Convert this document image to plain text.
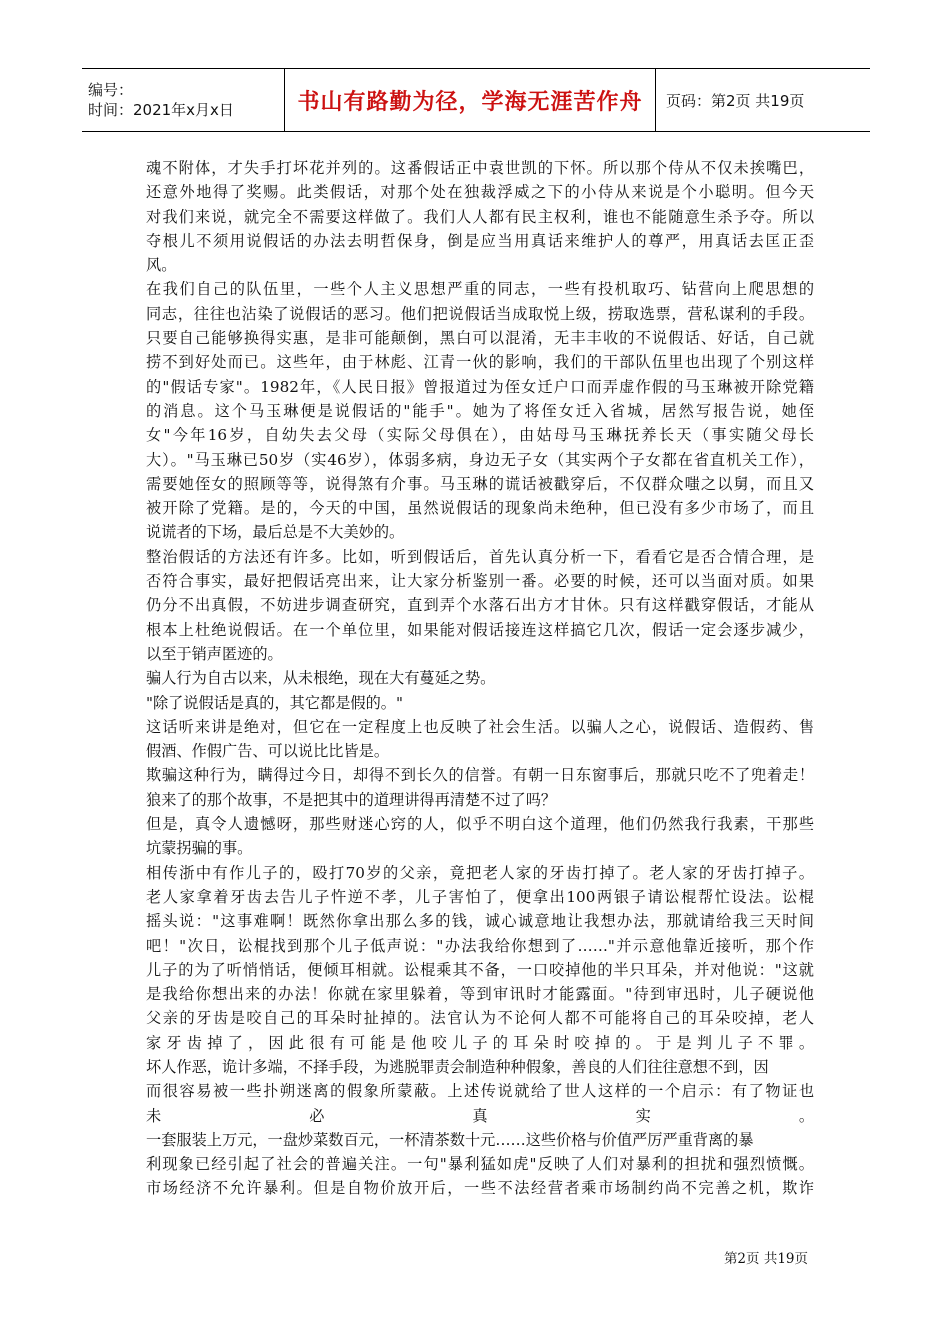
编号：
时间：2021年x月x日	书山有路勤为径，学海无涯苦作舟 页码：第2页 共19页
魂不附体，才失手打坏花并列的。这番假话正中袁世凯的下怀。所以那个侍从不仅未挨嘴巴，
还意外地得了奖赐。此类假话，对那个处在独裁浮威之下的小侍从来说是个小聪明。但今天
对我们来说，就完全不需要这样做了。我们人人都有民主权利，谁也不能随意生杀予夺。所以
夺根儿不须用说假话的办法去明哲保身，倒是应当用真话来维护人的尊严，用真话去匡正歪
风。
在我们自己的队伍里，一些个人主义思想严重的同志，一些有投机取巧、钻营向上爬思想的
同志，往往也沾染了说假话的恶习。他们把说假话当成取悦上级，捞取选票，营私谋利的手段。
只要自己能够换得实惠，是非可能颠倒，黑白可以混淆，无丰丰收的不说假话、好话，自己就
捞不到好处而已。这些年，由于林彪、江青一伙的影响，我们的干部队伍里也出现了个别这样
的"假话专家"。1982年，《人民日报》曾报道过为侄女迁户口而弄虚作假的马玉琳被开除党籍
的消息。这个马玉琳便是说假话的"能手"。她为了将侄女迁入省城，居然写报告说，她侄
女"今年16岁，自幼失去父母（实际父母俱在），由姑母马玉琳抚养长天（事实随父母长
大）。"马玉琳已50岁（实46岁），体弱多病，身边无子女（其实两个子女都在省直机关工作），
需要她侄女的照顾等等，说得煞有介事。马玉琳的谎话被戳穿后，不仅群众嗤之以舅，而且又
被开除了党籍。是的，今天的中国，虽然说假话的现象尚未绝种，但已没有多少市场了，而且
说谎者的下场，最后总是不大美妙的。
整治假话的方法还有许多。比如，听到假话后，首先认真分析一下，看看它是否合情合理，是
否符合事实，最好把假话亮出来，让大家分析鉴别一番。必要的时候，还可以当面对质。如果
仍分不出真假，不妨进步调查研究，直到弄个水落石出方才甘休。只有这样戳穿假话，才能从
根本上杜绝说假话。在一个单位里，如果能对假话接连这样搞它几次，假话一定会逐步减少，
以至于销声匿迹的。
骗人行为自古以来，从未根绝，现在大有蔓延之势。
"除了说假话是真的，其它都是假的。"
这话听来讲是绝对，但它在一定程度上也反映了社会生活。以骗人之心，说假话、造假药、售
假酒、作假广告、可以说比比皆是。
欺骗这种行为，瞒得过今日，却得不到长久的信誉。有朝一日东窗事后，那就只吃不了兜着走！
狼来了的那个故事，不是把其中的道理讲得再清楚不过了吗？
但是，真令人遗憾呀，那些财迷心窍的人，似乎不明白这个道理，他们仍然我行我素，干那些
坑蒙拐骗的事。
相传浙中有作儿子的，殴打70岁的父亲，竟把老人家的牙齿打掉了。老人家的牙齿打掉子。
老人家拿着牙齿去告儿子忤逆不孝，儿子害怕了，便拿出100两银子请讼棍帮忙设法。讼棍
摇头说："这事难啊！既然你拿出那么多的钱，诚心诚意地让我想办法，那就请给我三天时间
吧！"次日，讼棍找到那个儿子低声说："办法我给你想到了……"并示意他靠近接听，那个作
儿子的为了听悄悄话，便倾耳相就。讼棍乘其不备，一口咬掉他的半只耳朵，并对他说："这就
是我给你想出来的办法！你就在家里躲着，等到审讯时才能露面。"待到审迅时，儿子硬说他
父亲的牙齿是咬自己的耳朵时扯掉的。法官认为不论何人都不可能将自己的耳朵咬掉，老人
家牙齿掉了，因此很有可能是他咬儿子的耳朵时咬掉的。于是判儿子不罪。
坏人作恶，诡计多端，不择手段，为逃脱罪责会制造种种假象，善良的人们往往意想不到，因
而很容易被一些扑朔迷离的假象所蒙蔽。上述传说就给了世人这样的一个启示：有了物证也
未必真实。
一套服装上万元，一盘炒菜数百元，一杯清茶数十元……这些价格与价值严厉严重背离的暴
利现象已经引起了社会的普遍关注。一句"暴利猛如虎"反映了人们对暴利的担扰和强烈愤慨。
市场经济不允许暴利。但是自物价放开后，一些不法经营者乘市场制约尚不完善之机，欺诈
第2页 共19页
